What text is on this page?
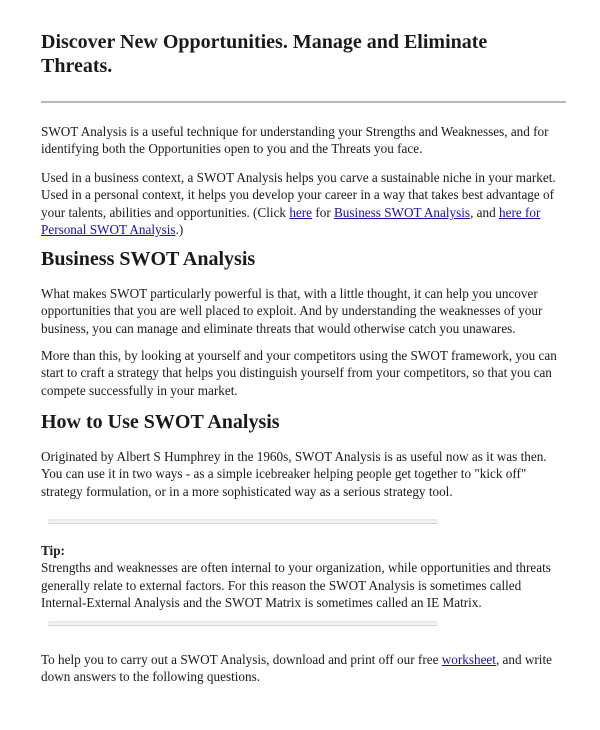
Discover New Opportunities. Manage and Eliminate Threats.

SWOT Analysis is a useful technique for understanding your Strengths and Weaknesses, and for identifying both the Opportunities open to you and the Threats you face.

Used in a business context, a SWOT Analysis helps you carve a sustainable niche in your market. Used in a personal context, it helps you develop your career in a way that takes best advantage of your talents, abilities and opportunities. (Click here for Business SWOT Analysis, and here for Personal SWOT Analysis.)

Business SWOT Analysis

What makes SWOT particularly powerful is that, with a little thought, it can help you uncover opportunities that you are well placed to exploit. And by understanding the weaknesses of your business, you can manage and eliminate threats that would otherwise catch you unawares.

More than this, by looking at yourself and your competitors using the SWOT framework, you can start to craft a strategy that helps you distinguish yourself from your competitors, so that you can compete successfully in your market.

How to Use SWOT Analysis

Originated by Albert S Humphrey in the 1960s, SWOT Analysis is as useful now as it was then. You can use it in two ways - as a simple icebreaker helping people get together to "kick off" strategy formulation, or in a more sophisticated way as a serious strategy tool.

Tip:
Strengths and weaknesses are often internal to your organization, while opportunities and threats generally relate to external factors. For this reason the SWOT Analysis is sometimes called Internal-External Analysis and the SWOT Matrix is sometimes called an IE Matrix.

To help you to carry out a SWOT Analysis, download and print off our free worksheet, and write down answers to the following questions.
